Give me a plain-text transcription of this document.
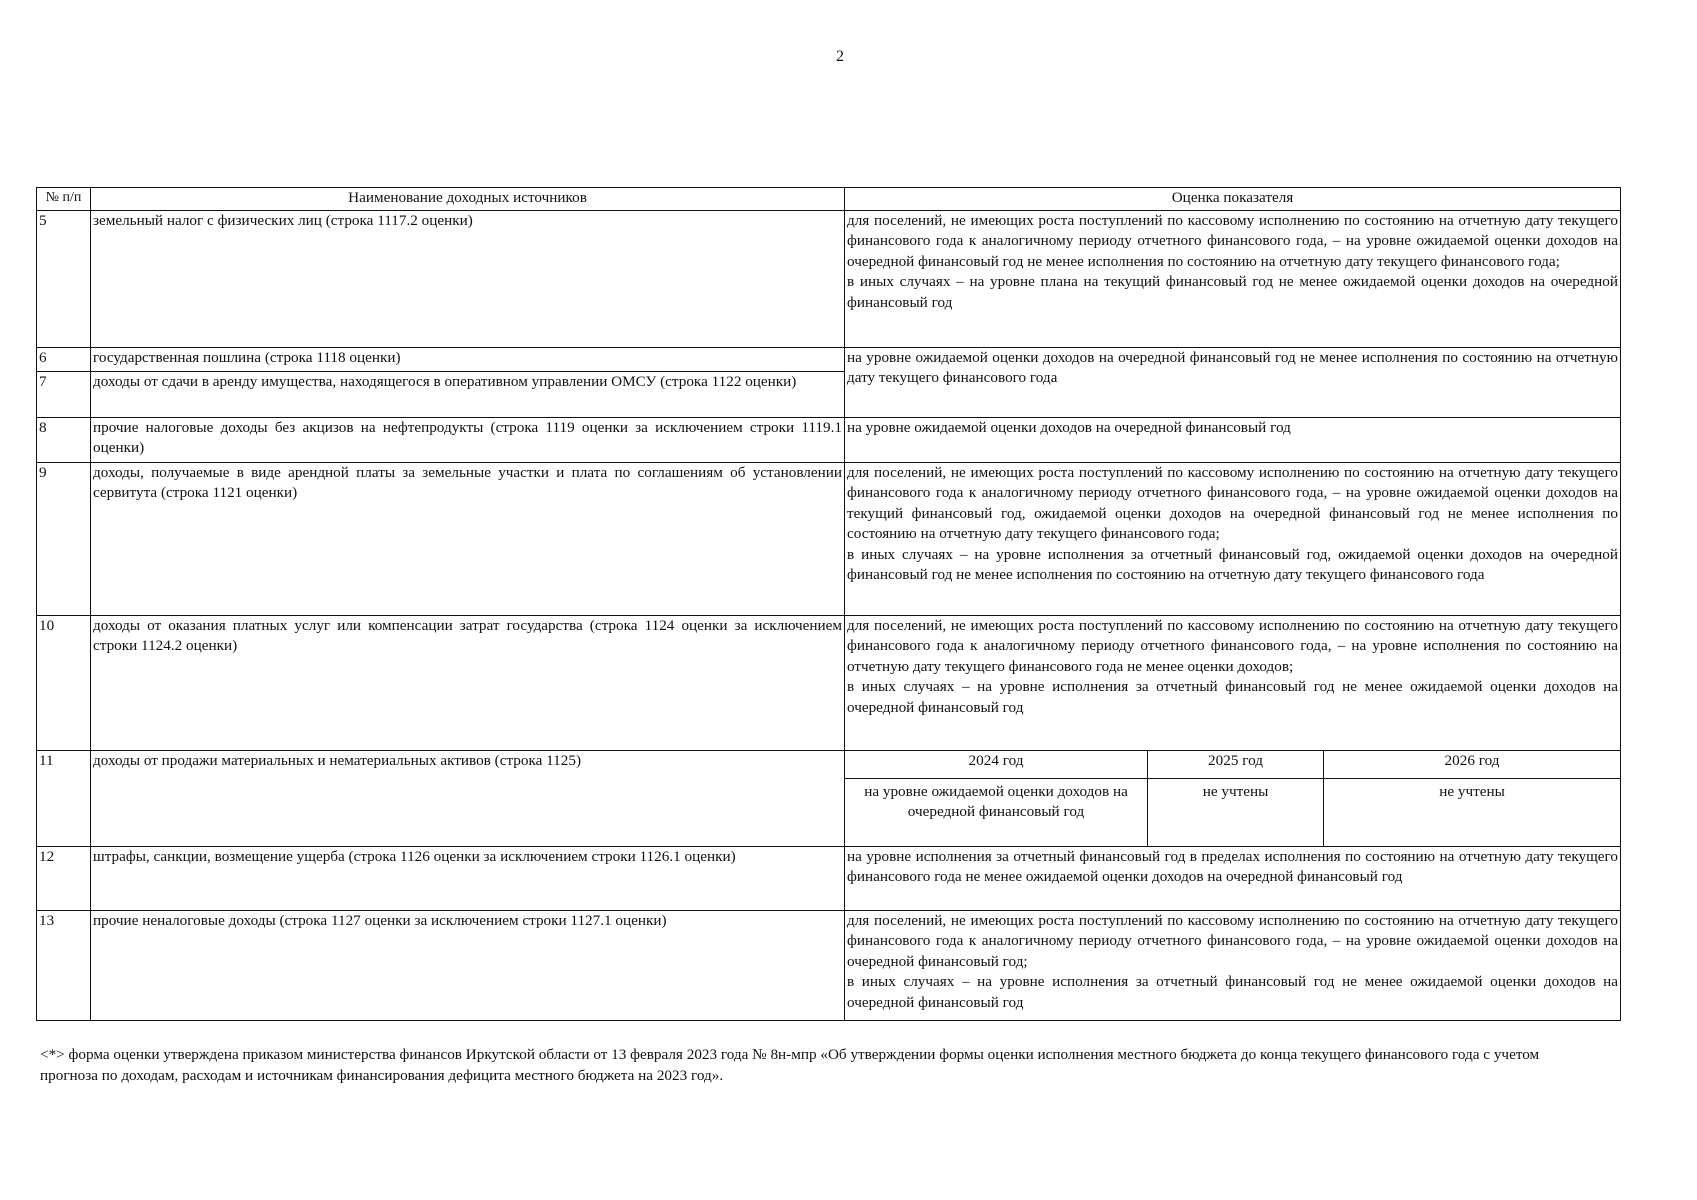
2
№ п/п	Наименование доходных источников	Оценка показателя		
5	земельный налог с физических лиц (строка 1117.2 оценки)	для поселений, не имеющих роста поступлений по кассовому исполнению по состоянию на отчетную дату текущего финансового года к аналогичному периоду отчетного финансового года, – на уровне ожидаемой оценки доходов на очередной финансовый год не менее исполнения по состоянию на отчетную дату текущего финансового года;
в иных случаях – на уровне плана на текущий финансовый год не менее ожидаемой оценки доходов на очередной финансовый год		

6	государственная пошлина (строка 1118 оценки)	на уровне ожидаемой оценки доходов на очередной финансовый год не менее исполнения по состоянию на отчетную дату текущего финансового года		
7	доходы от сдачи в аренду имущества, находящегося в оперативном управлении ОМСУ (строка 1122 оценки)			
8	прочие налоговые доходы без акцизов на нефтепродукты (строка 1119 оценки за исключением строки 1119.1 оценки)	на уровне ожидаемой оценки доходов на очередной финансовый год		
9	доходы, получаемые в виде арендной платы за земельные участки и плата по соглашениям об установлении сервитута (строка 1121 оценки)	для поселений, не имеющих роста поступлений по кассовому исполнению по состоянию на отчетную дату текущего финансового года к аналогичному периоду отчетного финансового года, – на уровне ожидаемой оценки доходов на текущий финансовый год, ожидаемой оценки доходов на очередной финансовый год не менее исполнения по состоянию на отчетную дату текущего финансового года;
в иных случаях – на уровне исполнения за отчетный финансовый год, ожидаемой оценки доходов на очередной финансовый год не менее исполнения по состоянию на отчетную дату текущего финансового года		

10	доходы от оказания платных услуг или компенсации затрат государства (строка 1124 оценки за исключением строки 1124.2 оценки)	для поселений, не имеющих роста поступлений по кассовому исполнению по состоянию на отчетную дату текущего финансового года к аналогичному периоду отчетного финансового года, – на уровне исполнения по состоянию на отчетную дату текущего финансового года не менее оценки доходов;
в иных случаях – на уровне исполнения за отчетный финансовый год не менее ожидаемой оценки доходов на очередной финансовый год		

11	доходы от продажи материальных и нематериальных активов (строка 1125)	2024 год	2025 год	2026 год
		на уровне ожидаемой оценки доходов на очередной финансовый год	не учтены	не учтены
12	штрафы, санкции, возмещение ущерба (строка 1126 оценки за исключением строки 1126.1 оценки)	на уровне исполнения за отчетный финансовый год в пределах исполнения по состоянию на отчетную дату текущего финансового года не менее ожидаемой оценки доходов на очередной финансовый год		
13	прочие неналоговые доходы (строка 1127 оценки за исключением строки 1127.1 оценки)	для поселений, не имеющих роста поступлений по кассовому исполнению по состоянию на отчетную дату текущего финансового года к аналогичному периоду отчетного финансового года, – на уровне ожидаемой оценки доходов на очередной финансовый год;
в иных случаях – на уровне исполнения за отчетный финансовый год не менее ожидаемой оценки доходов на очередной финансовый год		
<*> форма оценки утверждена приказом министерства финансов Иркутской области от 13 февраля 2023 года № 8н-мпр «Об утверждении формы оценки исполнения местного бюджета до конца текущего финансового года с учетом прогноза по доходам, расходам и источникам финансирования дефицита местного бюджета на 2023 год».
